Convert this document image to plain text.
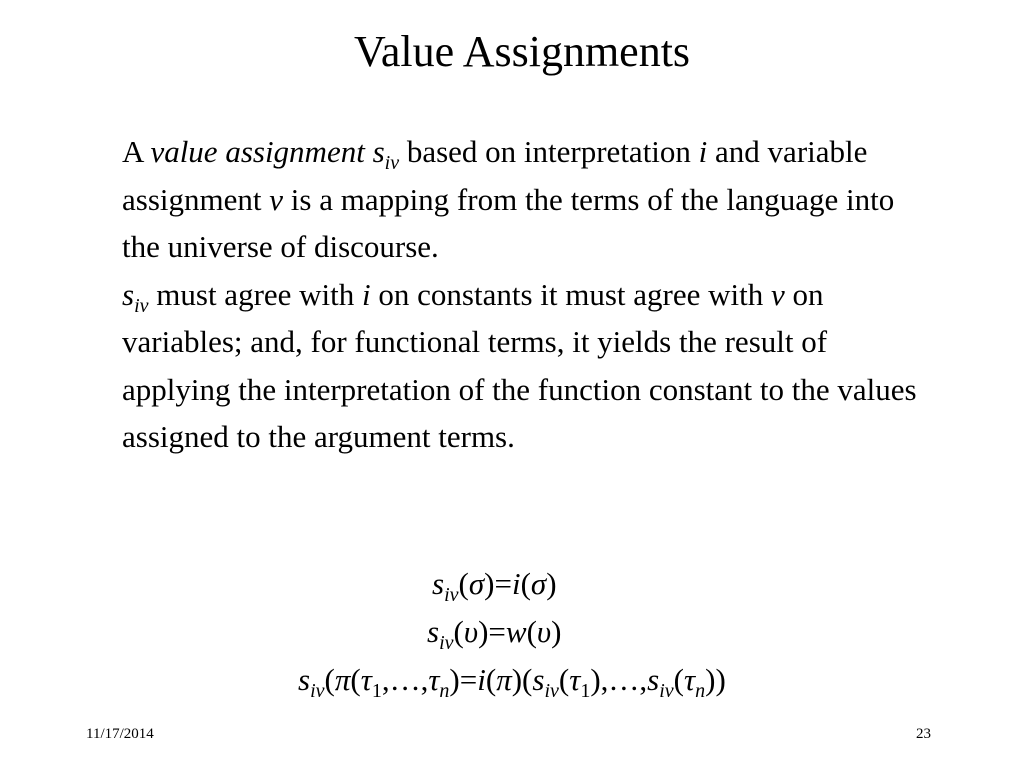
Value Assignments

A value assignment $s_{iv}$ based on interpretation i and variable assignment v is a mapping from the terms of the language into the universe of discourse.

$s_{iv}$ must agree with i on constants it must agree with v on variables; and, for functional terms, it yields the result of applying the interpretation of the function constant to the values assigned to the argument terms.

$s_{iv}(\sigma)=i(\sigma)$
$s_{iv}(\upsilon)=w(\upsilon)$
$s_{iv}(\pi(\tau_1,\dots,\tau_n)=i(\pi)(s_{iv}(\tau_1),\dots,s_{iv}(\tau_n))$
11/17/2014	23
